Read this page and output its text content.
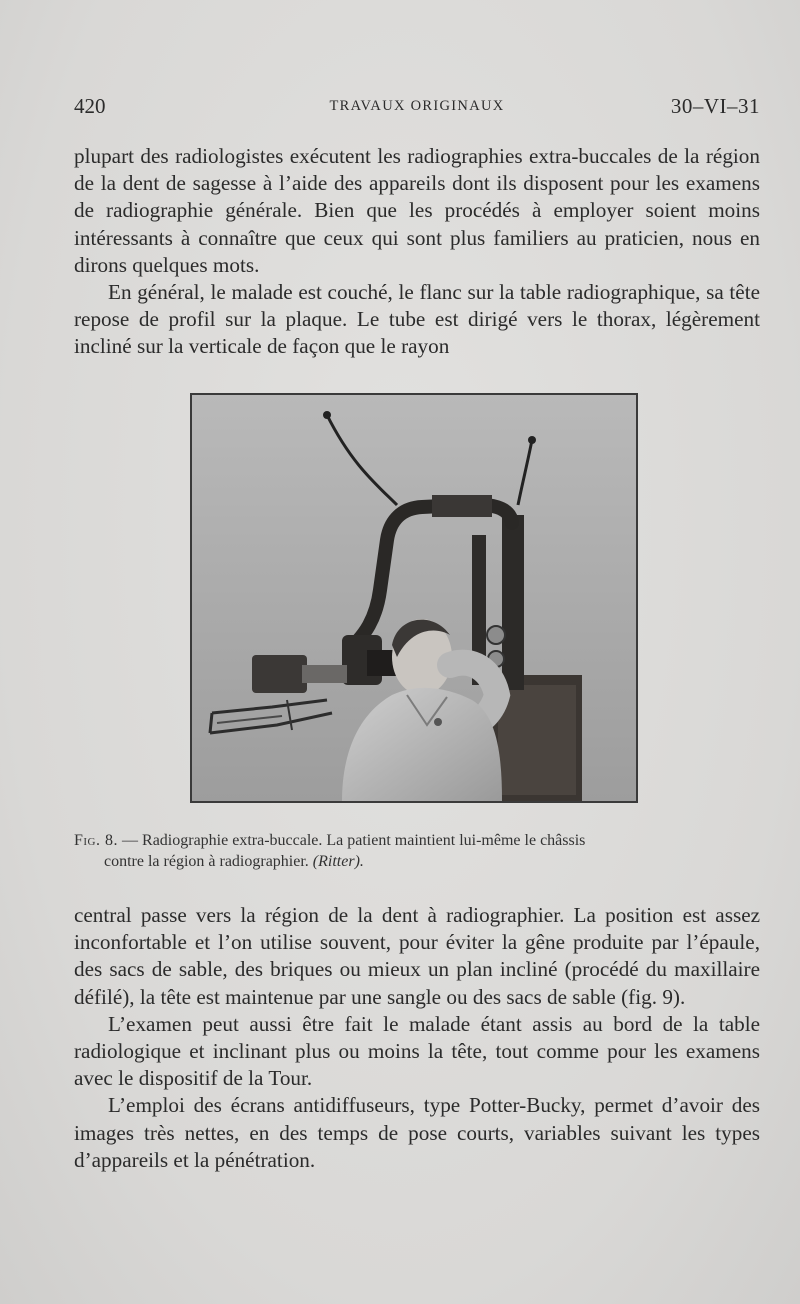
420	TRAVAUX ORIGINAUX	30–VI–31

plupart des radiologistes exécutent les radiographies extra-buccales de la région de la dent de sagesse à l’aide des appareils dont ils disposent pour les examens de radiographie générale. Bien que les procédés à employer soient moins intéressants à connaître que ceux qui sont plus familiers au praticien, nous en dirons quelques mots.

En général, le malade est couché, le flanc sur la table radiographique, sa tête repose de profil sur la plaque. Le tube est dirigé vers le thorax, légèrement incliné sur la verticale de façon que le rayon

Fig. 8. — Radiographie extra-buccale. La patient maintient lui-même le châssis
contre la région à radiographier. (Ritter).

central passe vers la région de la dent à radiographier. La position est assez inconfortable et l’on utilise souvent, pour éviter la gêne produite par l’épaule, des sacs de sable, des briques ou mieux un plan incliné (procédé du maxillaire défilé), la tête est maintenue par une sangle ou des sacs de sable (fig. 9).

L’examen peut aussi être fait le malade étant assis au bord de la table radiologique et inclinant plus ou moins la tête, tout comme pour les examens avec le dispositif de la Tour.

L’emploi des écrans antidiffuseurs, type Potter-Bucky, permet d’avoir des images très nettes, en des temps de pose courts, variables suivant les types d’appareils et la pénétration.
